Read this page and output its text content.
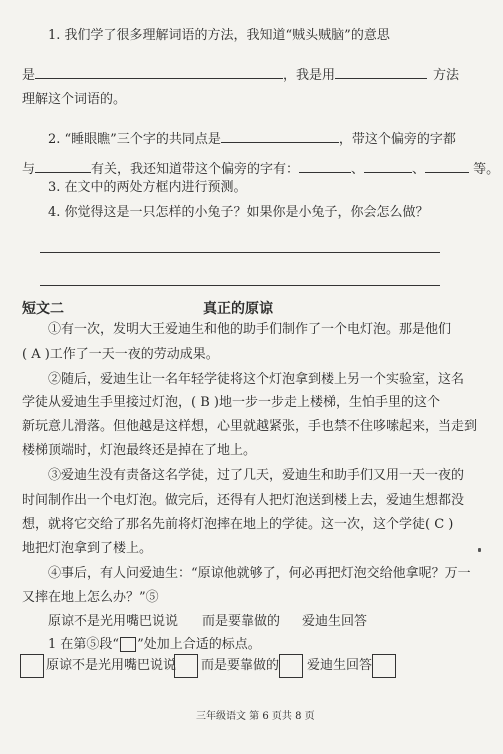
1. 我们学了很多理解词语的方法，我知道“贼头贼脑”的意思
是	，我是用	方法
理解这个词语的。
2. “睡眼瞧”三个字的共同点是	，带这个偏旁的字都
与	有关，我还知道带这个偏旁的字有：	、	、	等。
3. 在文中的两处方框内进行预测。
4. 你觉得这是一只怎样的小兔子？如果你是小兔子，你会怎么做？
短文二	真正的原谅
①有一次，发明大王爱迪生和他的助手们制作了一个电灯泡。那是他们
( A )工作了一天一夜的劳动成果。
②随后，爱迪生让一名年轻学徒将这个灯泡拿到楼上另一个实验室，这名
学徒从爱迪生手里接过灯泡，( B )地一步一步走上楼梯，生怕手里的这个
新玩意儿滑落。但他越是这样想，心里就越紧张，手也禁不住哆嗦起来，当走到
楼梯顶端时，灯泡最终还是掉在了地上。
③爱迪生没有责备这名学徒，过了几天，爱迪生和助手们又用一天一夜的
时间制作出一个电灯泡。做完后，还得有人把灯泡送到楼上去，爱迪生想都没
想，就将它交给了那名先前将灯泡摔在地上的学徒。这一次，这个学徒( C )
地把灯泡拿到了楼上。
④事后，有人问爱迪生：“原谅他就够了，何必再把灯泡交给他拿呢？万一
又摔在地上怎么办？”⑤
原谅不是光用嘴巴说说 而是要靠做的 爱迪生回答
1 在第⑤段“ ”处加上合适的标点。
原谅不是光用嘴巴说说 而是要靠做的 爱迪生回答
三年级语文 第 6 页共 8 页
